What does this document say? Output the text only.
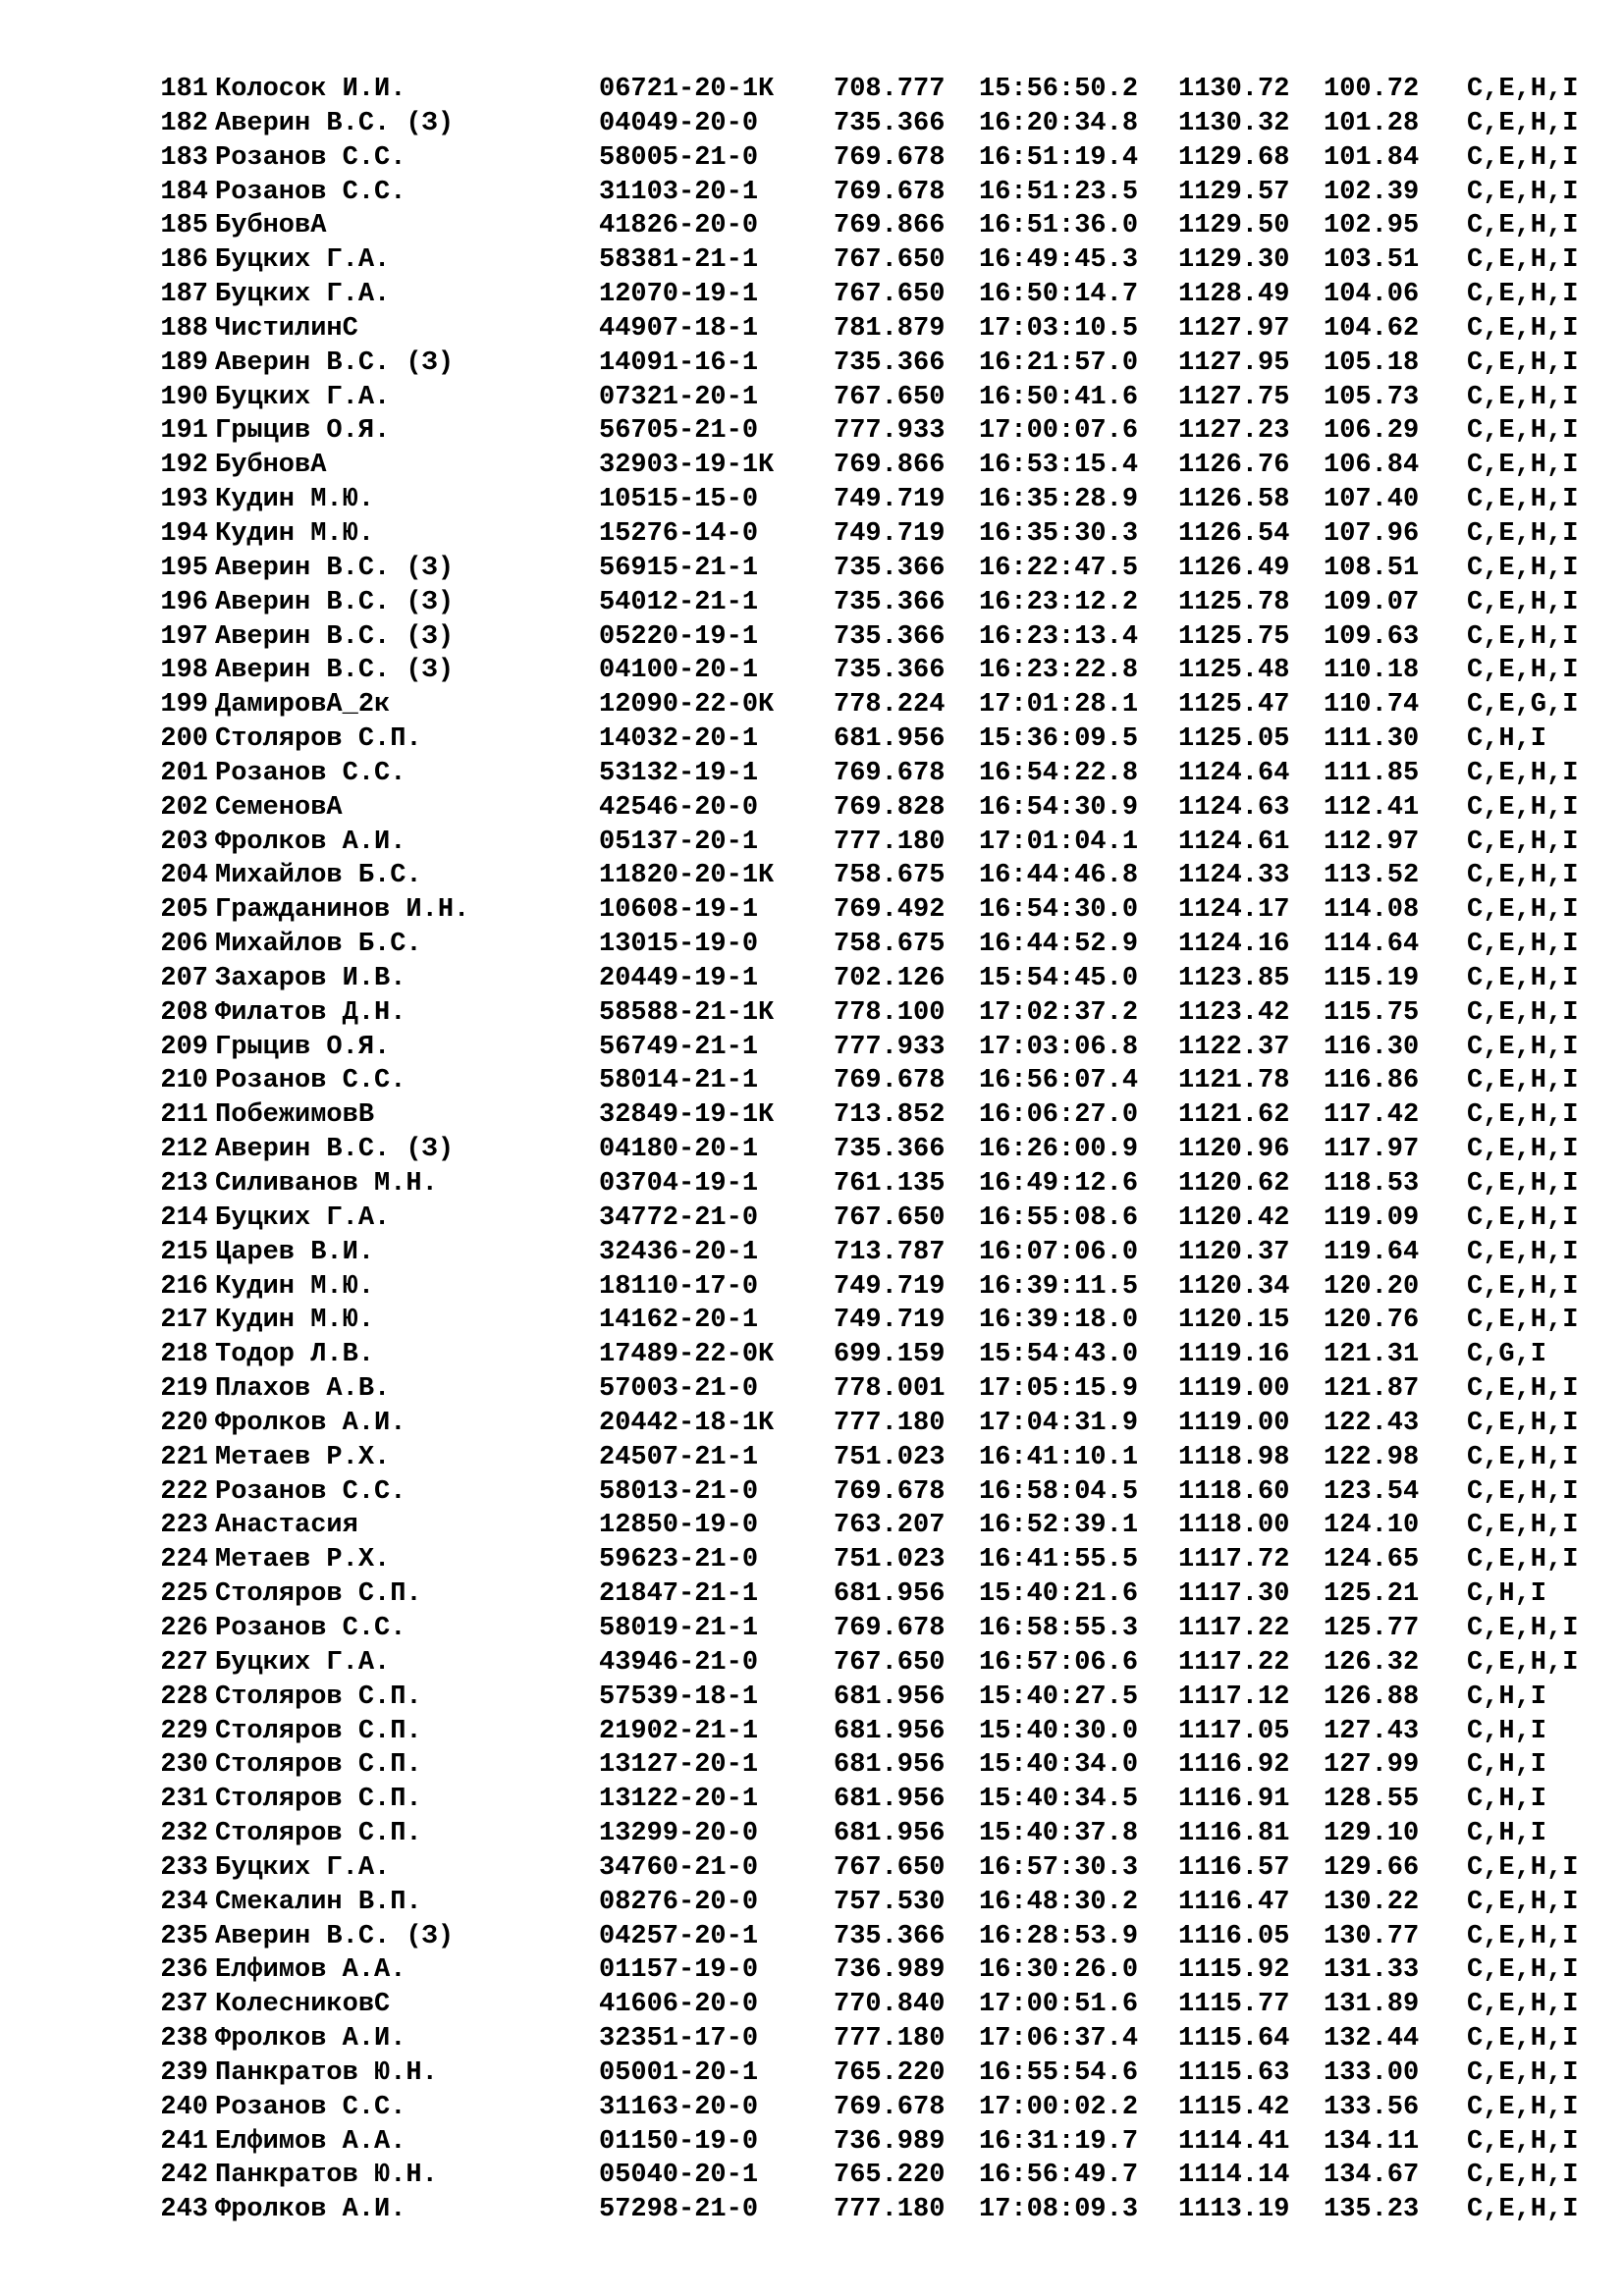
181 Колосок И.И.	06721-20-1К 708.777 15:56:50.2 1130.72 100.72 C,E,H,I
182 Аверин В.С. (З)	04049-20-0	735.366 16:20:34.8 1130.32 101.28 C,E,H,I
183 Розанов С.С.	58005-21-0	769.678 16:51:19.4 1129.68 101.84 C,E,H,I
184 Розанов С.С.	31103-20-1	769.678 16:51:23.5 1129.57 102.39 C,E,H,I
185 БубновА	41826-20-0	769.866 16:51:36.0 1129.50 102.95 C,E,H,I
186 Буцких Г.А.	58381-21-1	767.650 16:49:45.3 1129.30 103.51 C,E,H,I
187 Буцких Г.А.	12070-19-1	767.650 16:50:14.7 1128.49 104.06 C,E,H,I
188 ЧистилинС	44907-18-1	781.879 17:03:10.5 1127.97 104.62 C,E,H,I
189 Аверин В.С. (З)	14091-16-1	735.366 16:21:57.0 1127.95 105.18 C,E,H,I
190 Буцких Г.А.	07321-20-1	767.650 16:50:41.6 1127.75 105.73 C,E,H,I
191 Грыцив О.Я.	56705-21-0	777.933 17:00:07.6 1127.23 106.29 C,E,H,I
192 БубновА	32903-19-1К 769.866 16:53:15.4 1126.76 106.84 C,E,H,I
193 Кудин М.Ю.	10515-15-0	749.719 16:35:28.9 1126.58 107.40 C,E,H,I
194 Кудин М.Ю.	15276-14-0	749.719 16:35:30.3 1126.54 107.96 C,E,H,I
195 Аверин В.С. (З)	56915-21-1	735.366 16:22:47.5 1126.49 108.51 C,E,H,I
196 Аверин В.С. (З)	54012-21-1	735.366 16:23:12.2 1125.78 109.07 C,E,H,I
197 Аверин В.С. (З)	05220-19-1	735.366 16:23:13.4 1125.75 109.63 C,E,H,I
198 Аверин В.С. (З)	04100-20-1	735.366 16:23:22.8 1125.48 110.18 C,E,H,I
199 ДамировА_2к	12090-22-0К 778.224 17:01:28.1 1125.47 110.74 C,E,G,I
200 Столяров С.П.	14032-20-1	681.956 15:36:09.5 1125.05 111.30 C,H,I
201 Розанов С.С.	53132-19-1	769.678 16:54:22.8 1124.64 111.85 C,E,H,I
202 СеменовА	42546-20-0	769.828 16:54:30.9 1124.63 112.41 C,E,H,I
203 Фролков А.И.	05137-20-1	777.180 17:01:04.1 1124.61 112.97 C,E,H,I
204 Михайлов Б.С.	11820-20-1К 758.675 16:44:46.8 1124.33 113.52 C,E,H,I
205 Гражданинов И.Н.	10608-19-1	769.492 16:54:30.0 1124.17 114.08 C,E,H,I
206 Михайлов Б.С.	13015-19-0	758.675 16:44:52.9 1124.16 114.64 C,E,H,I
207 Захаров И.В.	20449-19-1	702.126 15:54:45.0 1123.85 115.19 C,E,H,I
208 Филатов Д.Н.	58588-21-1К 778.100 17:02:37.2 1123.42 115.75 C,E,H,I
209 Грыцив О.Я.	56749-21-1	777.933 17:03:06.8 1122.37 116.30 C,E,H,I
210 Розанов С.С.	58014-21-1	769.678 16:56:07.4 1121.78 116.86 C,E,H,I
211 ПобежимовВ	32849-19-1К 713.852 16:06:27.0 1121.62 117.42 C,E,H,I
212 Аверин В.С. (З)	04180-20-1	735.366 16:26:00.9 1120.96 117.97 C,E,H,I
213 Силиванов М.Н.	03704-19-1	761.135 16:49:12.6 1120.62 118.53 C,E,H,I
214 Буцких Г.А.	34772-21-0	767.650 16:55:08.6 1120.42 119.09 C,E,H,I
215 Царев В.И.	32436-20-1	713.787 16:07:06.0 1120.37 119.64 C,E,H,I
216 Кудин М.Ю.	18110-17-0	749.719 16:39:11.5 1120.34 120.20 C,E,H,I
217 Кудин М.Ю.	14162-20-1	749.719 16:39:18.0 1120.15 120.76 C,E,H,I
218 Тодор Л.В.	17489-22-0К 699.159 15:54:43.0 1119.16 121.31 C,G,I
219 Плахов А.В.	57003-21-0	778.001 17:05:15.9 1119.00 121.87 C,E,H,I
220 Фролков А.И.	20442-18-1К 777.180 17:04:31.9 1119.00 122.43 C,E,H,I
221 Метаев Р.Х.	24507-21-1	751.023 16:41:10.1 1118.98 122.98 C,E,H,I
222 Розанов С.С.	58013-21-0	769.678 16:58:04.5 1118.60 123.54 C,E,H,I
223 Анастасия	12850-19-0	763.207 16:52:39.1 1118.00 124.10 C,E,H,I
224 Метаев Р.Х.	59623-21-0	751.023 16:41:55.5 1117.72 124.65 C,E,H,I
225 Столяров С.П.	21847-21-1	681.956 15:40:21.6 1117.30 125.21 C,H,I
226 Розанов С.С.	58019-21-1	769.678 16:58:55.3 1117.22 125.77 C,E,H,I
227 Буцких Г.А.	43946-21-0	767.650 16:57:06.6 1117.22 126.32 C,E,H,I
228 Столяров С.П.	57539-18-1	681.956 15:40:27.5 1117.12 126.88 C,H,I
229 Столяров С.П.	21902-21-1	681.956 15:40:30.0 1117.05 127.43 C,H,I
230 Столяров С.П.	13127-20-1	681.956 15:40:34.0 1116.92 127.99 C,H,I
231 Столяров С.П.	13122-20-1	681.956 15:40:34.5 1116.91 128.55 C,H,I
232 Столяров С.П.	13299-20-0	681.956 15:40:37.8 1116.81 129.10 C,H,I
233 Буцких Г.А.	34760-21-0	767.650 16:57:30.3 1116.57 129.66 C,E,H,I
234 Смекалин В.П.	08276-20-0	757.530 16:48:30.2 1116.47 130.22 C,E,H,I
235 Аверин В.С. (З)	04257-20-1	735.366 16:28:53.9 1116.05 130.77 C,E,H,I
236 Елфимов А.А.	01157-19-0	736.989 16:30:26.0 1115.92 131.33 C,E,H,I
237 КолесниковС	41606-20-0	770.840 17:00:51.6 1115.77 131.89 C,E,H,I
238 Фролков А.И.	32351-17-0	777.180 17:06:37.4 1115.64 132.44 C,E,H,I
239 Панкратов Ю.Н.	05001-20-1	765.220 16:55:54.6 1115.63 133.00 C,E,H,I
240 Розанов С.С.	31163-20-0	769.678 17:00:02.2 1115.42 133.56 C,E,H,I
241 Елфимов А.А.	01150-19-0	736.989 16:31:19.7 1114.41 134.11 C,E,H,I
242 Панкратов Ю.Н.	05040-20-1	765.220 16:56:49.7 1114.14 134.67 C,E,H,I
243 Фролков А.И.	57298-21-0	777.180 17:08:09.3 1113.19 135.23 C,E,H,I
